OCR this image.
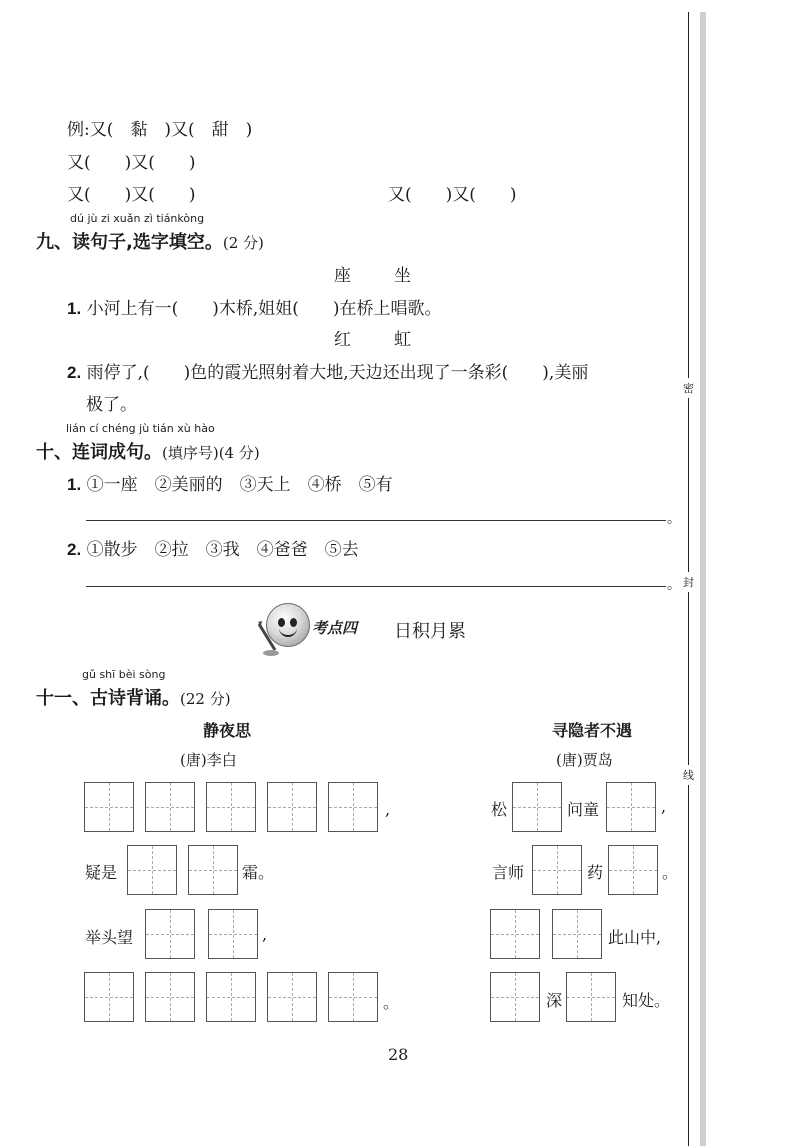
密
封
线
例:又(　黏　)又(　甜　)
又(　　)又(　　)
又(　　)又(　　)	又(　　)又(　　)
dú jù zi xuǎn zì tiánkòng
九、读句子,选字填空。(2 分)
座	坐
1. 小河上有一(　　)木桥,姐姐(　　)在桥上唱歌。
红	虹
2. 雨停了,(　　)色的霞光照射着大地,天边还出现了一条彩(　　),美丽
极了。
lián cí chéng jù tián xù hào
十、连词成句。(填序号)(4 分)
1. ①一座　②美丽的　③天上　④桥　⑤有
。
2. ①散步　②拉　③我　④爸爸　⑤去
。
考点四 日积月累
gǔ shī bèi sòng
十一、古诗背诵。(22 分)
静夜思
(唐)李白
,
疑是	霜。
举头望	,
。
寻隐者不遇
(唐)贾岛
松	问童	,
言师	药	。
此山中,
深	知处。
28
